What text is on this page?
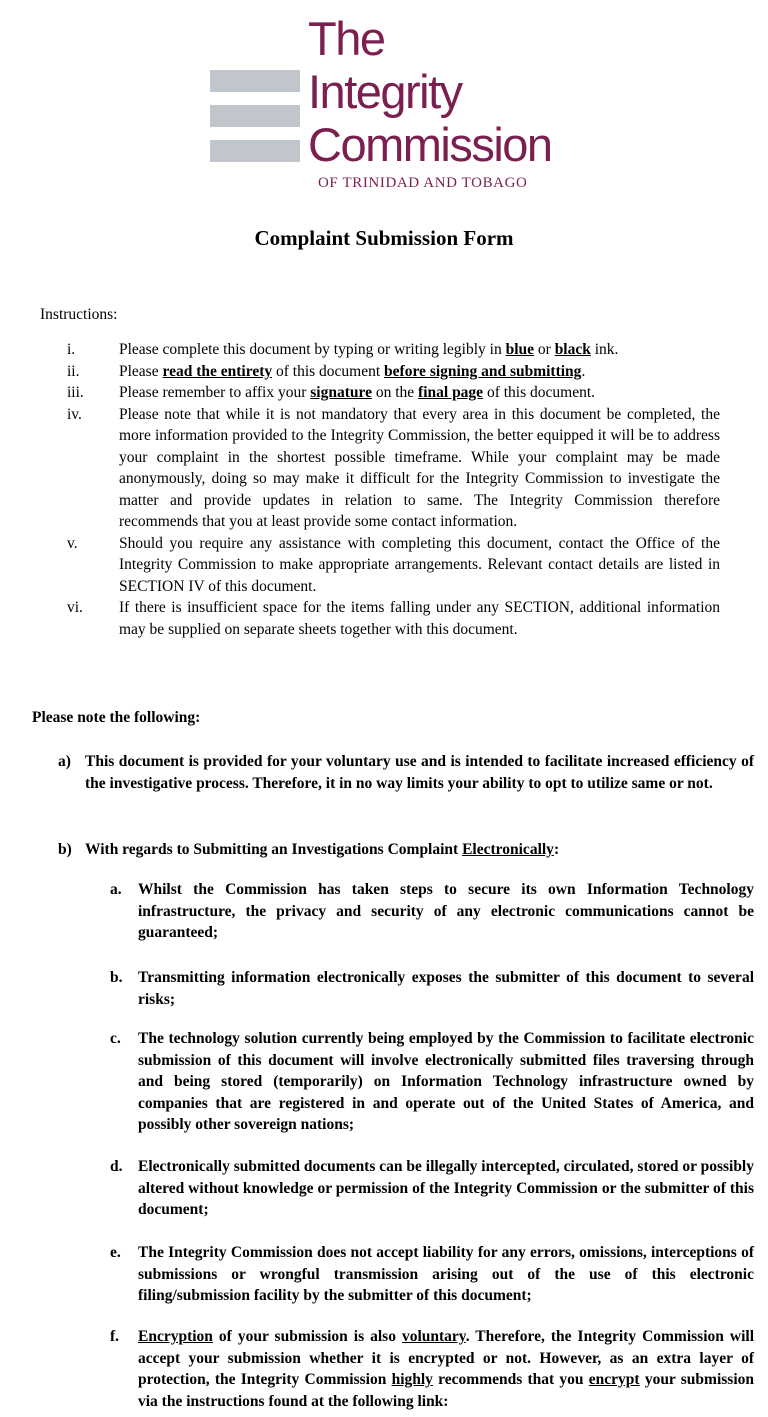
The
Integrity
Commission
OF TRINIDAD AND TOBAGO
Complaint Submission Form
Instructions:
i.	Please complete this document by typing or writing legibly in blue or black ink.
ii.	Please read the entirety of this document before signing and submitting.
iii.	Please remember to affix your signature on the final page of this document.
iv.	Please note that while it is not mandatory that every area in this document be completed, the more information provided to the Integrity Commission, the better equipped it will be to address your complaint in the shortest possible timeframe. While your complaint may be made anonymously, doing so may make it difficult for the Integrity Commission to investigate the matter and provide updates in relation to same. The Integrity Commission therefore recommends that you at least provide some contact information.
v.	Should you require any assistance with completing this document, contact the Office of the Integrity Commission to make appropriate arrangements. Relevant contact details are listed in SECTION IV of this document.
vi.	If there is insufficient space for the items falling under any SECTION, additional information may be supplied on separate sheets together with this document.
Please note the following:
a) This document is provided for your voluntary use and is intended to facilitate increased efficiency of the investigative process. Therefore, it in no way limits your ability to opt to utilize same or not.
b) With regards to Submitting an Investigations Complaint Electronically:
a.	Whilst the Commission has taken steps to secure its own Information Technology infrastructure, the privacy and security of any electronic communications cannot be guaranteed;
b.	Transmitting information electronically exposes the submitter of this document to several risks;
c.	The technology solution currently being employed by the Commission to facilitate electronic submission of this document will involve electronically submitted files traversing through and being stored (temporarily) on Information Technology infrastructure owned by companies that are registered in and operate out of the United States of America, and possibly other sovereign nations;
d.	Electronically submitted documents can be illegally intercepted, circulated, stored or possibly altered without knowledge or permission of the Integrity Commission or the submitter of this document;
e.	The Integrity Commission does not accept liability for any errors, omissions, interceptions of submissions or wrongful transmission arising out of the use of this electronic filing/submission facility by the submitter of this document;
f.	Encryption of your submission is also voluntary. Therefore, the Integrity Commission will accept your submission whether it is encrypted or not. However, as an extra layer of protection, the Integrity Commission highly recommends that you encrypt your submission via the instructions found at the following link:
